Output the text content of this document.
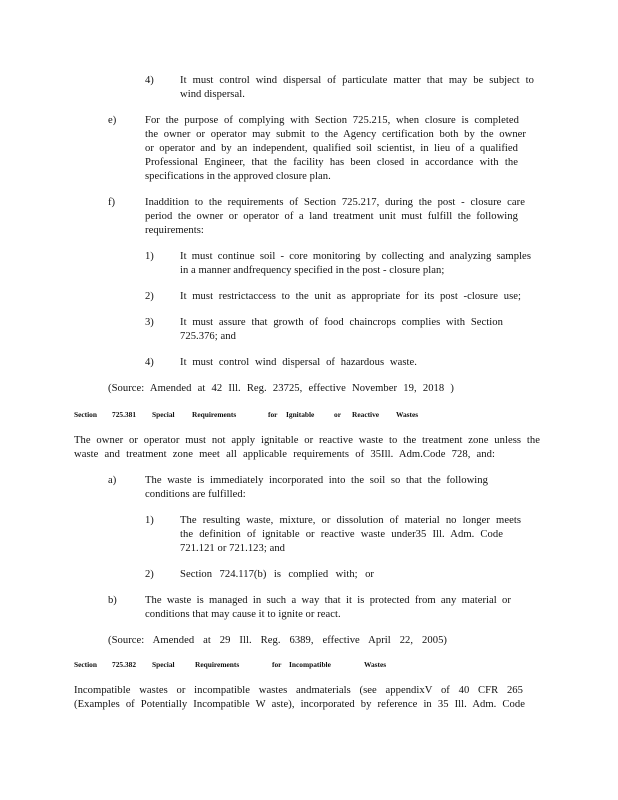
4) It must control wind dispersal of particulate matter that may be subject to
wind dispersal.
e)	For the purpose of complying with Section 725.215, when closure is completed
the owner or operator may submit to the Agency certification both by the owner
or operator and by an independent, qualified soil scientist, in lieu of a qualified
Professional Engineer, that the facility has been closed in accordance with the
specifications in the approved closure plan.
f)	Inaddition to the requirements of Section 725.217, during the post - closure care
period the owner or operator of a land treatment unit must fulfill the following
requirements:
1) It must continue soil - core monitoring by collecting and analyzing samples
in a manner andfrequency specified in the post - closure plan;
2) It must restrictaccess to the unit as appropriate for its post -closure use;
3) It must assure that growth of food chaincrops complies with Section
725.376; and
4) It must control wind dispersal of hazardous waste.
(Source: Amended at 42 Ill. Reg. 23725, effective November 19, 2018 )
Section 725.381 Special Requirements	for Ignitable	or Reactive Wastes
The owner or operator must not apply ignitable or reactive waste to the treatment zone unless the
waste and treatment zone meet all applicable requirements of 35Ill. Adm.Code 728, and:
a)	The waste is immediately incorporated into the soil so that the following
conditions are fulfilled:
1) The resulting waste, mixture, or dissolution of material no longer meets
the definition of ignitable or reactive waste under35 Ill. Adm. Code
721.121 or 721.123; and
2) Section 724.117(b) is complied with; or
b)	The waste is managed in such a way that it is protected from any material or
conditions that may cause it to ignite or react.
(Source: Amended at 29 Ill. Reg. 6389, effective April 22, 2005)
Section 725.382 Special	Requirements	for Incompatible	Wastes
Incompatible wastes or incompatible wastes andmaterials (see appendixV of 40 CFR 265
(Examples of Potentially Incompatible W aste), incorporated by reference in 35 Ill. Adm. Code
